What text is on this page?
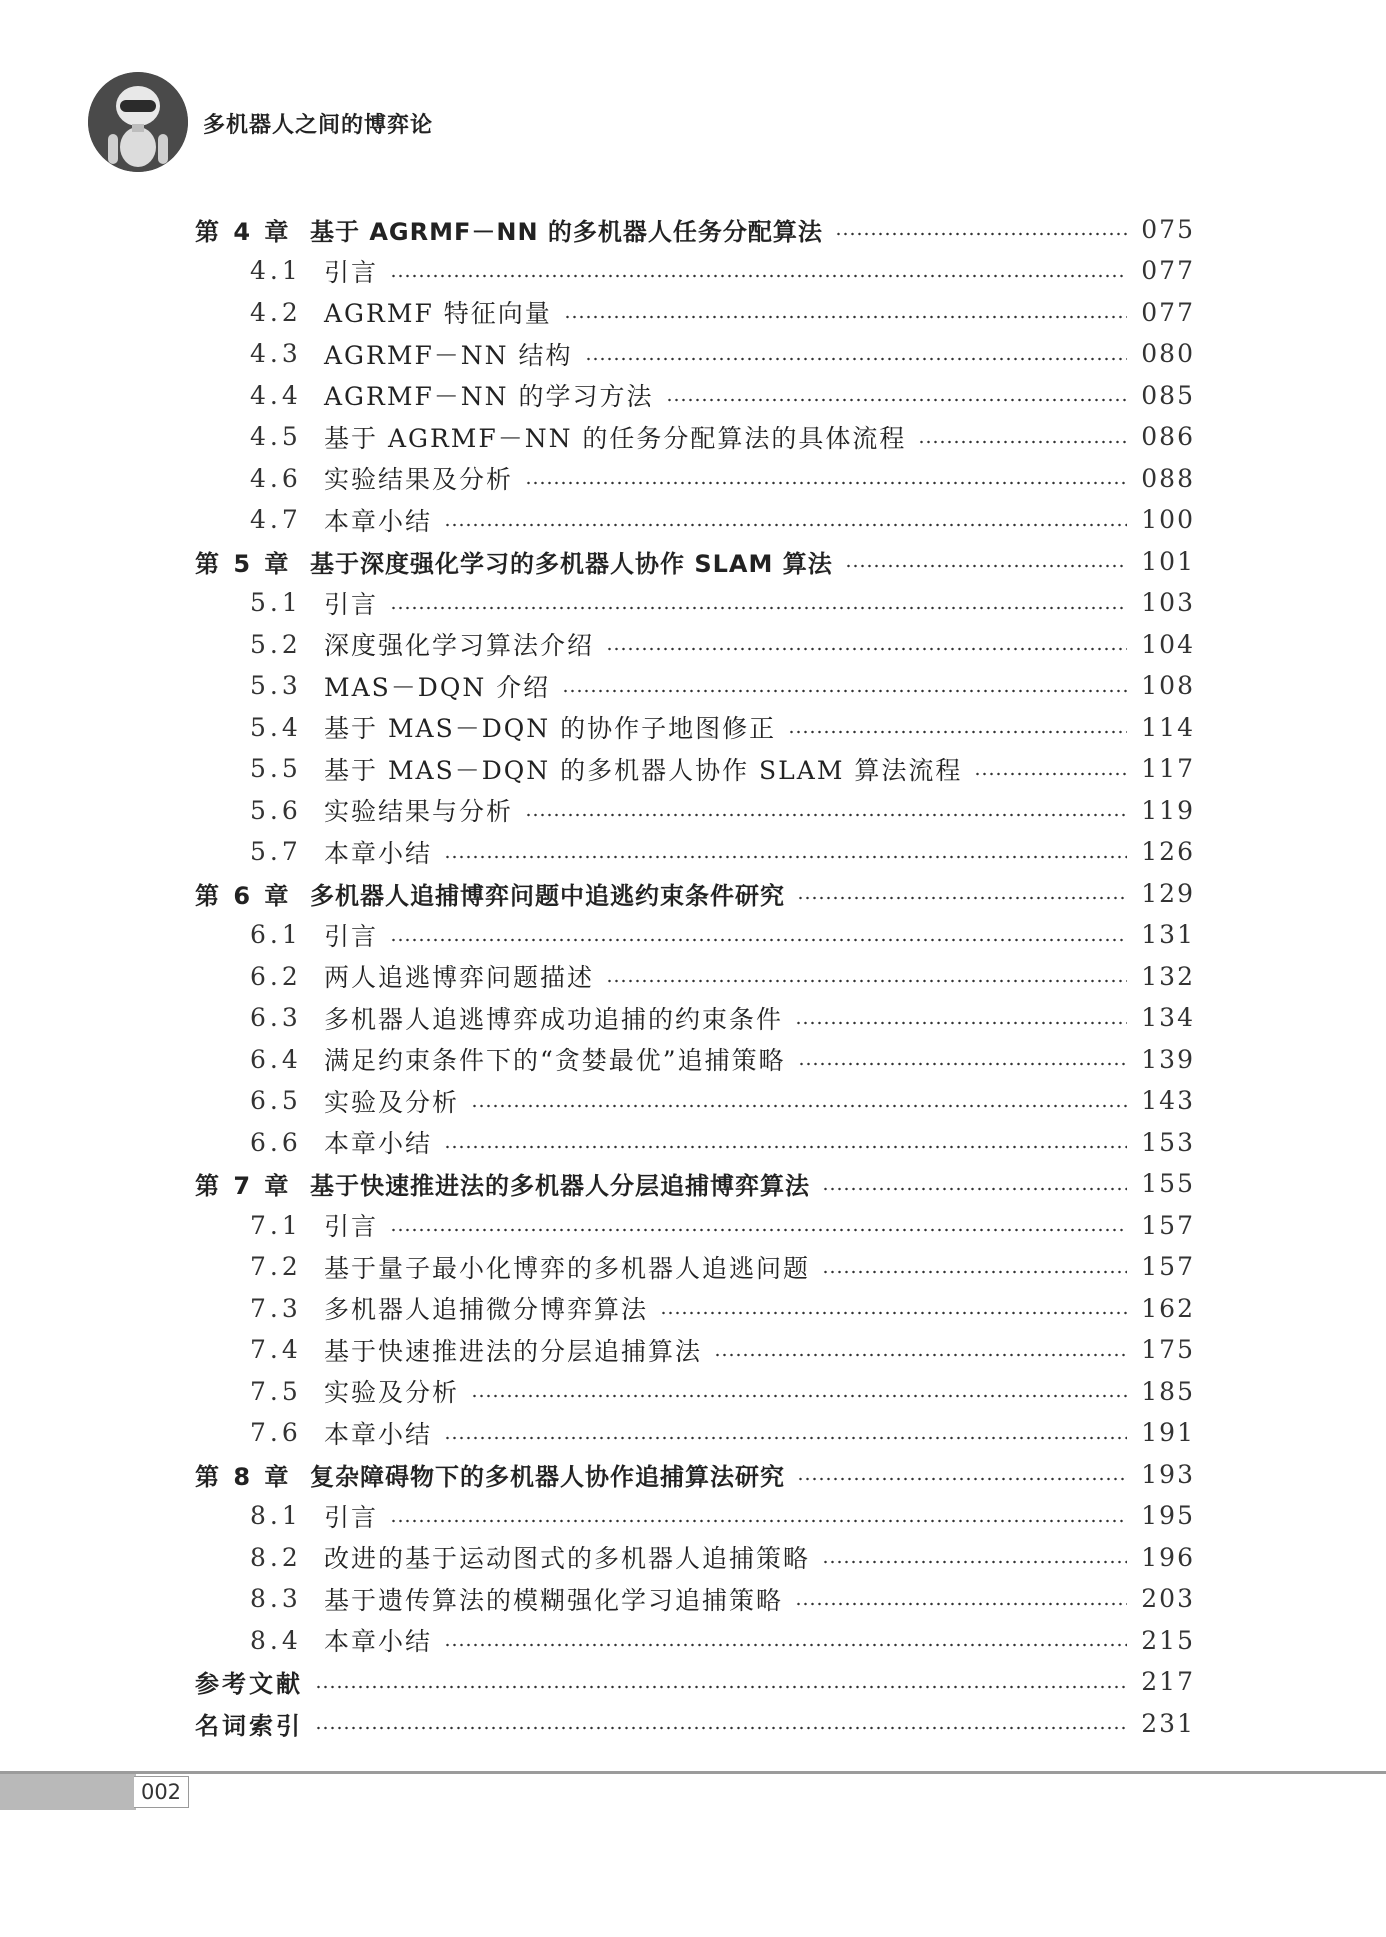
多机器人之间的博弈论
第 4 章 基于 AGRMF－NN 的多机器人任务分配算法	075
4.1 引言	077
4.2 AGRMF 特征向量	077
4.3 AGRMF－NN 结构	080
4.4 AGRMF－NN 的学习方法	085
4.5 基于 AGRMF－NN 的任务分配算法的具体流程	086
4.6 实验结果及分析	088
4.7 本章小结	100
第 5 章 基于深度强化学习的多机器人协作 SLAM 算法	101
5.1 引言	103
5.2 深度强化学习算法介绍	104
5.3 MAS－DQN 介绍	108
5.4 基于 MAS－DQN 的协作子地图修正	114
5.5 基于 MAS－DQN 的多机器人协作 SLAM 算法流程	117
5.6 实验结果与分析	119
5.7 本章小结	126
第 6 章 多机器人追捕博弈问题中追逃约束条件研究	129
6.1 引言	131
6.2 两人追逃博弈问题描述	132
6.3 多机器人追逃博弈成功追捕的约束条件	134
6.4 满足约束条件下的“贪婪最优”追捕策略	139
6.5 实验及分析	143
6.6 本章小结	153
第 7 章 基于快速推进法的多机器人分层追捕博弈算法	155
7.1 引言	157
7.2 基于量子最小化博弈的多机器人追逃问题	157
7.3 多机器人追捕微分博弈算法	162
7.4 基于快速推进法的分层追捕算法	175
7.5 实验及分析	185
7.6 本章小结	191
第 8 章 复杂障碍物下的多机器人协作追捕算法研究	193
8.1 引言	195
8.2 改进的基于运动图式的多机器人追捕策略	196
8.3 基于遗传算法的模糊强化学习追捕策略	203
8.4 本章小结	215
参考文献	217
名词索引	231
002
